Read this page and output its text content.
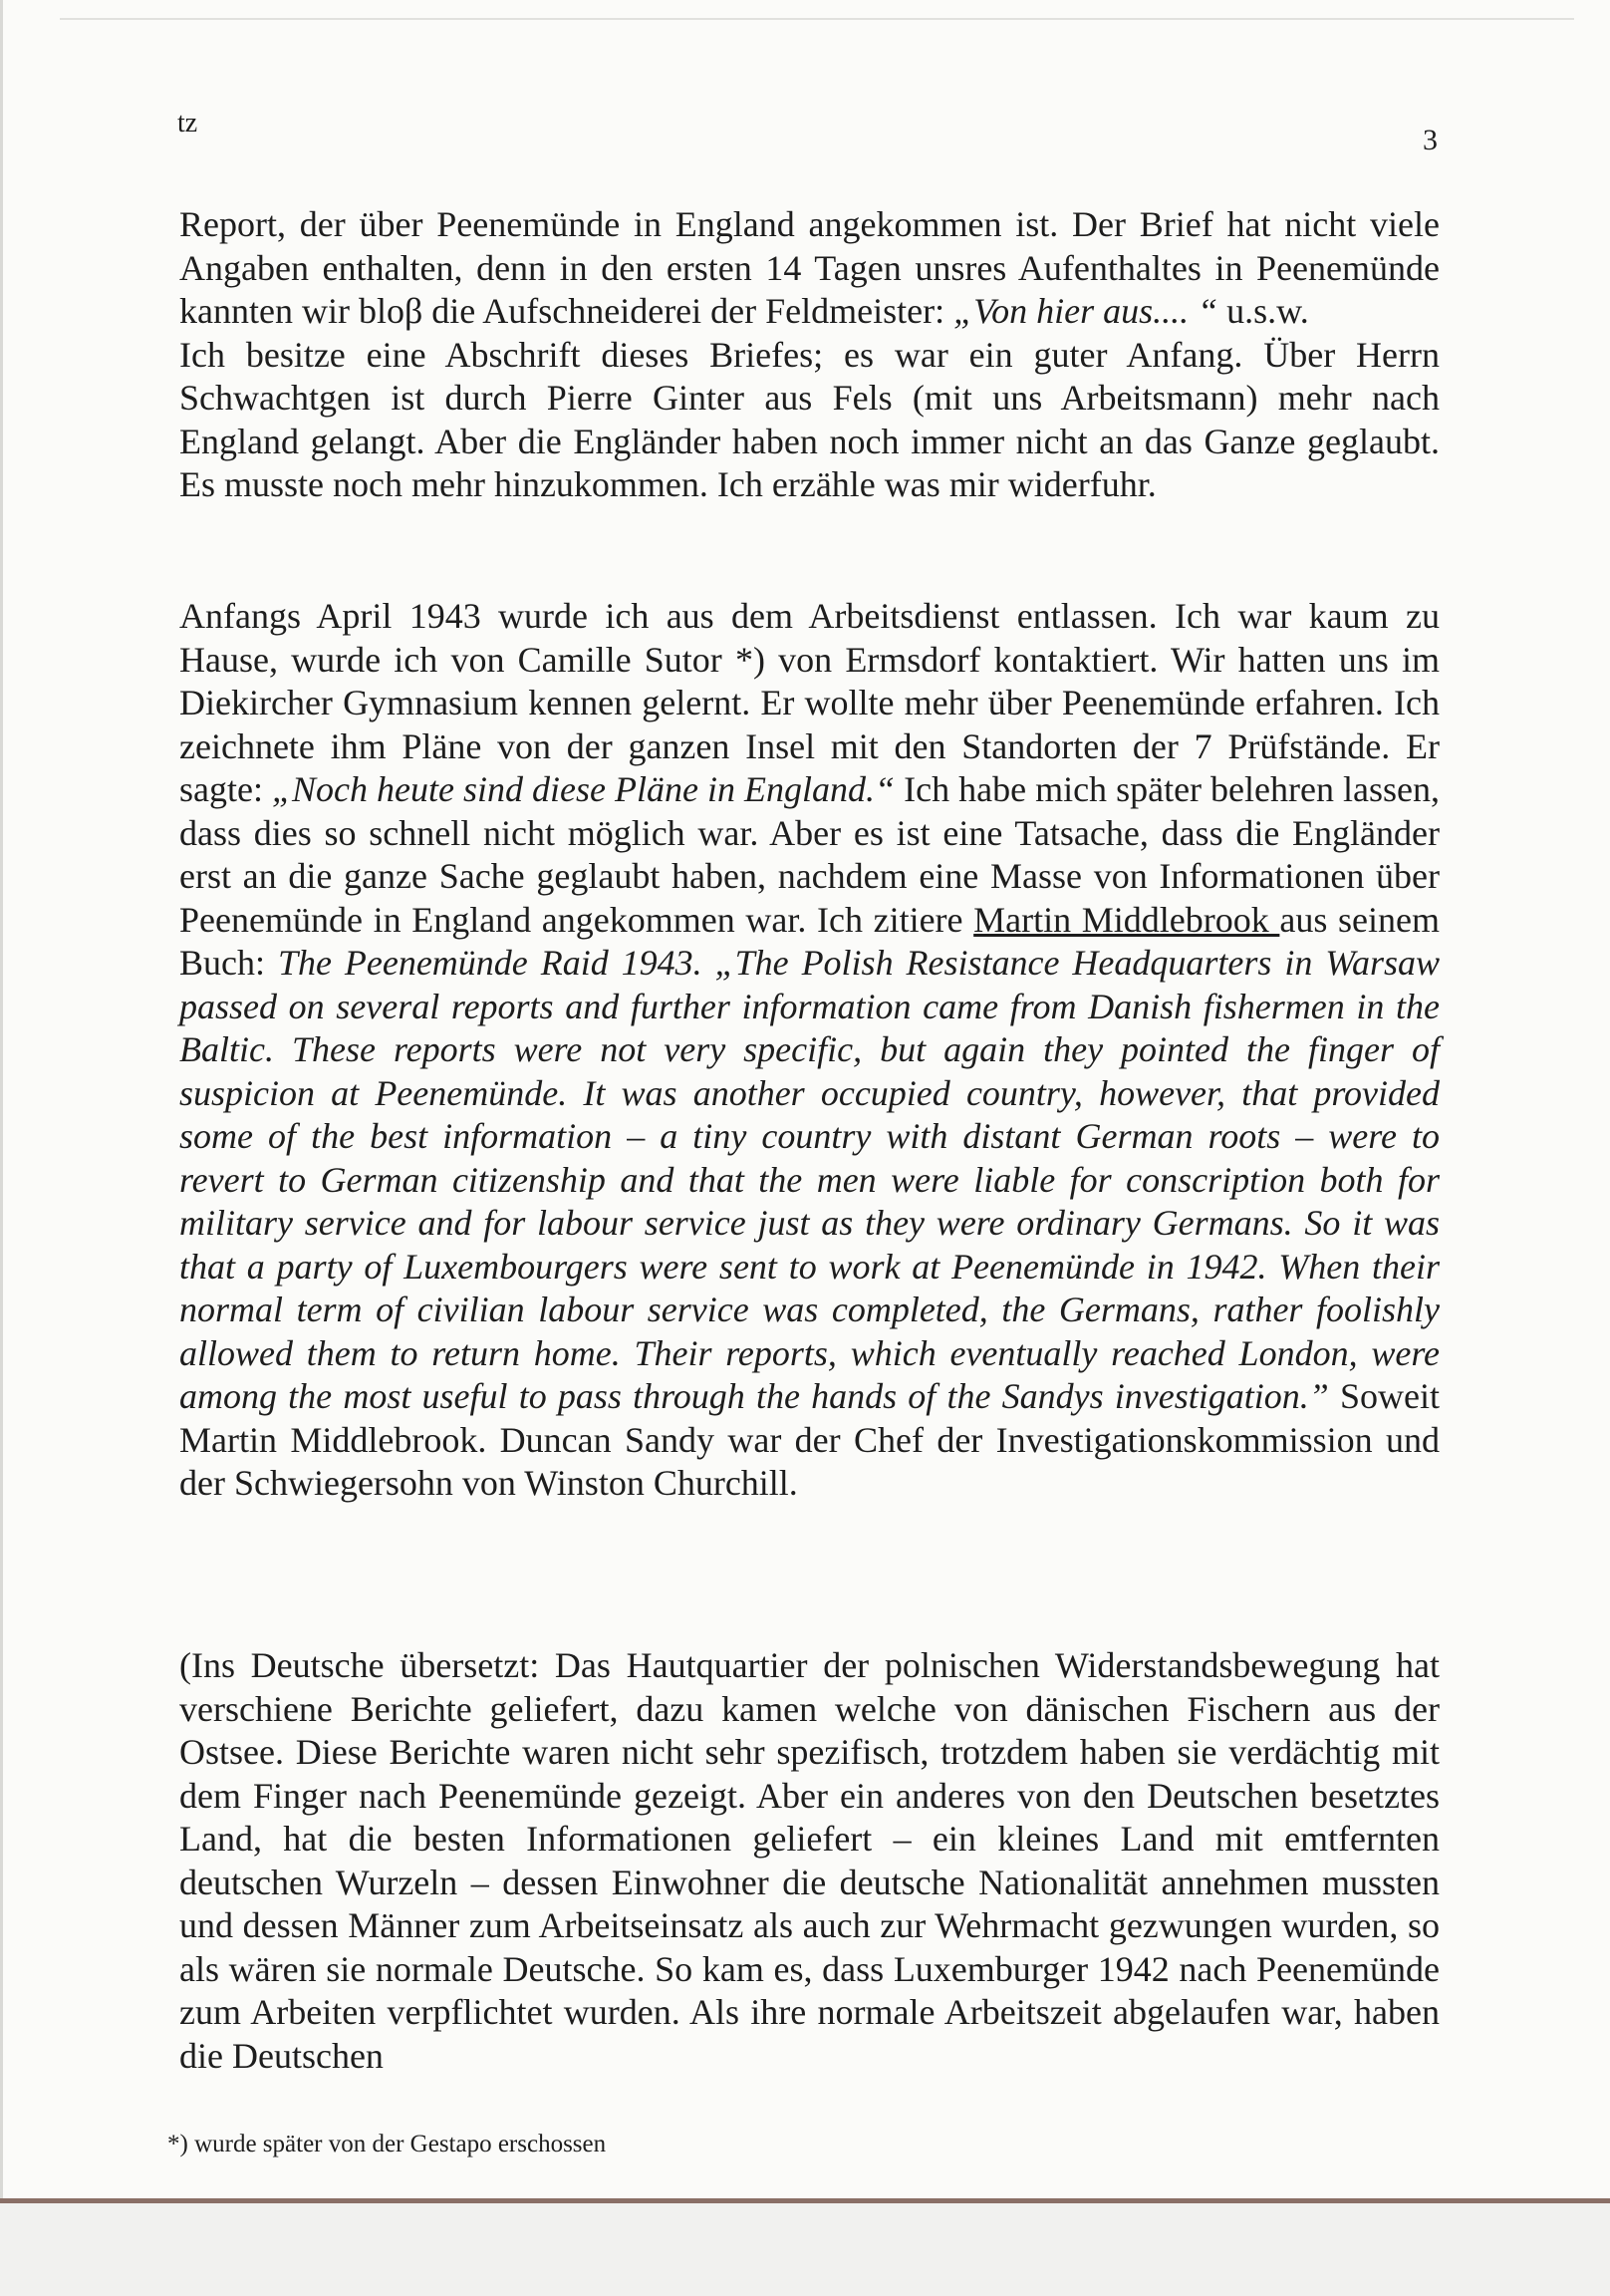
tz
3

Report, der über Peenemünde in England angekommen ist. Der Brief hat nicht viele Angaben enthalten, denn in den ersten 14 Tagen unsres Aufenthaltes in Peenemünde kannten wir bloβ die Aufschneiderei der Feldmeister: „Von hier aus.... “ u.s.w.

Ich besitze eine Abschrift dieses Briefes; es war ein guter Anfang. Über Herrn Schwachtgen ist durch Pierre Ginter aus Fels (mit uns Arbeitsmann) mehr nach England gelangt. Aber die Engländer haben noch immer nicht an das Ganze geglaubt. Es musste noch mehr hinzukommen. Ich erzähle was mir widerfuhr.

Anfangs April 1943 wurde ich aus dem Arbeitsdienst entlassen. Ich war kaum zu Hause, wurde ich von Camille Sutor *) von Ermsdorf kontaktiert. Wir hatten uns im Diekircher Gymnasium kennen gelernt. Er wollte mehr über Peenemünde erfahren. Ich zeichnete ihm Pläne von der ganzen Insel mit den Standorten der 7 Prüfstände. Er sagte: „Noch heute sind diese Pläne in England.“ Ich habe mich später belehren lassen, dass dies so schnell nicht möglich war. Aber es ist eine Tatsache, dass die Engländer erst an die ganze Sache geglaubt haben, nachdem eine Masse von Informationen über Peenemünde in England angekommen war. Ich zitiere Martin Middlebrook aus seinem Buch: The Peenemünde Raid 1943. „The Polish Resistance Headquarters in Warsaw passed on several reports and further information came from Danish fishermen in the Baltic. These reports were not very specific, but again they pointed the finger of suspicion at Peenemünde. It was another occupied country, however, that provided some of the best information – a tiny country with distant German roots – were to revert to German citizenship and that the men were liable for conscription both for military service and for labour service just as they were ordinary Germans. So it was that a party of Luxembourgers were sent to work at Peenemünde in 1942. When their normal term of civilian labour service was completed, the Germans, rather foolishly allowed them to return home. Their reports, which eventually reached London, were among the most useful to pass through the hands of the Sandys investigation.” Soweit Martin Middlebrook. Duncan Sandy war der Chef der Investigationskommission und der Schwiegersohn von Winston Churchill.

(Ins Deutsche übersetzt: Das Hautquartier der polnischen Widerstandsbewegung hat verschiene Berichte geliefert, dazu kamen welche von dänischen Fischern aus der Ostsee. Diese Berichte waren nicht sehr spezifisch, trotzdem haben sie verdächtig mit dem Finger nach Peenemünde gezeigt. Aber ein anderes von den Deutschen besetztes Land, hat die besten Informationen geliefert – ein kleines Land mit emtfernten deutschen Wurzeln – dessen Einwohner die deutsche Nationalität annehmen mussten und dessen Männer zum Arbeitseinsatz als auch zur Wehrmacht gezwungen wurden, so als wären sie normale Deutsche. So kam es, dass Luxemburger 1942 nach Peenemünde zum Arbeiten verpflichtet wurden. Als ihre normale Arbeitszeit abgelaufen war, haben die Deutschen

*) wurde später von der Gestapo erschossen
